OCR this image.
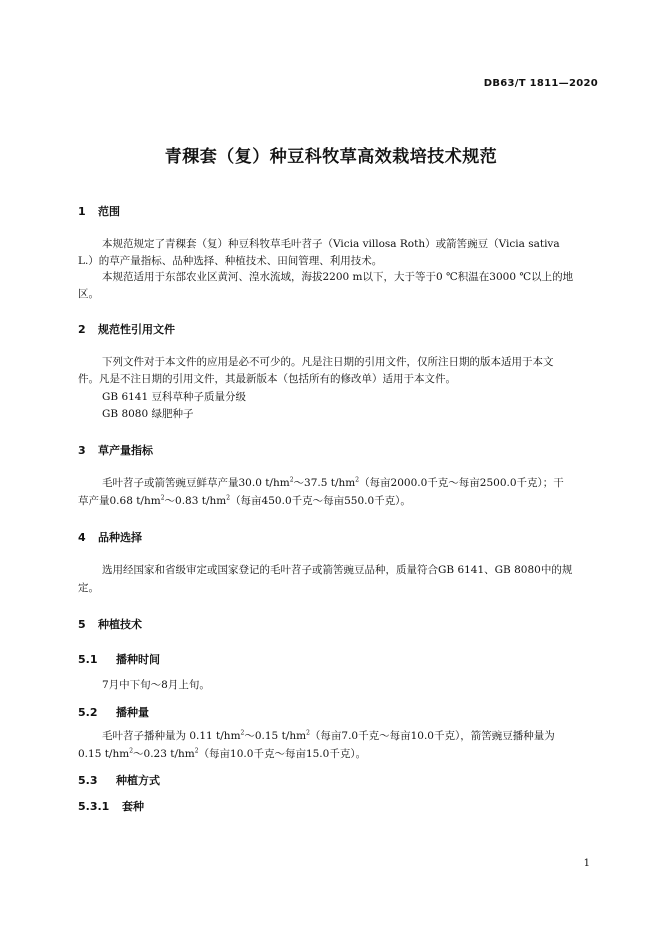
DB63/T 1811—2020
青稞套（复）种豆科牧草高效栽培技术规范
1 范围
本规范规定了青稞套（复）种豆科牧草毛叶苕子（Vicia villosa Roth）或箭筈豌豆（Vicia sativa
L.）的草产量指标、品种选择、种植技术、田间管理、利用技术。
本规范适用于东部农业区黄河、湟水流域，海拔2200 m以下，大于等于0 ℃积温在3000 ℃以上的地
区。
2 规范性引用文件
下列文件对于本文件的应用是必不可少的。凡是注日期的引用文件，仅所注日期的版本适用于本文
件。凡是不注日期的引用文件，其最新版本（包括所有的修改单）适用于本文件。
GB 6141 豆科草种子质量分级
GB 8080 绿肥种子
3 草产量指标
毛叶苕子或箭筈豌豆鲜草产量30.0 $t/hm^2\sim 37.5$ $t/hm^2$（每亩2000.0千克～每亩2500.0千克）；干
草产量0.68 $t/hm^2\sim 0.83$ $t/hm^2$（每亩450.0千克～每亩550.0千克）。
4 品种选择
选用经国家和省级审定或国家登记的毛叶苕子或箭筈豌豆品种，质量符合GB 6141、GB 8080中的规
定。
5 种植技术
5.1 播种时间
7月中下旬～8月上旬。
5.2 播种量
毛叶苕子播种量为 0.11 $t/hm^2\sim 0.15$ $t/hm^2$（每亩7.0千克～每亩10.0千克），箭筈豌豆播种量为
0.15 $t/hm^2\sim 0.23$ $t/hm^2$（每亩10.0千克～每亩15.0千克）。
5.3 种植方式
5.3.1 套种
1
